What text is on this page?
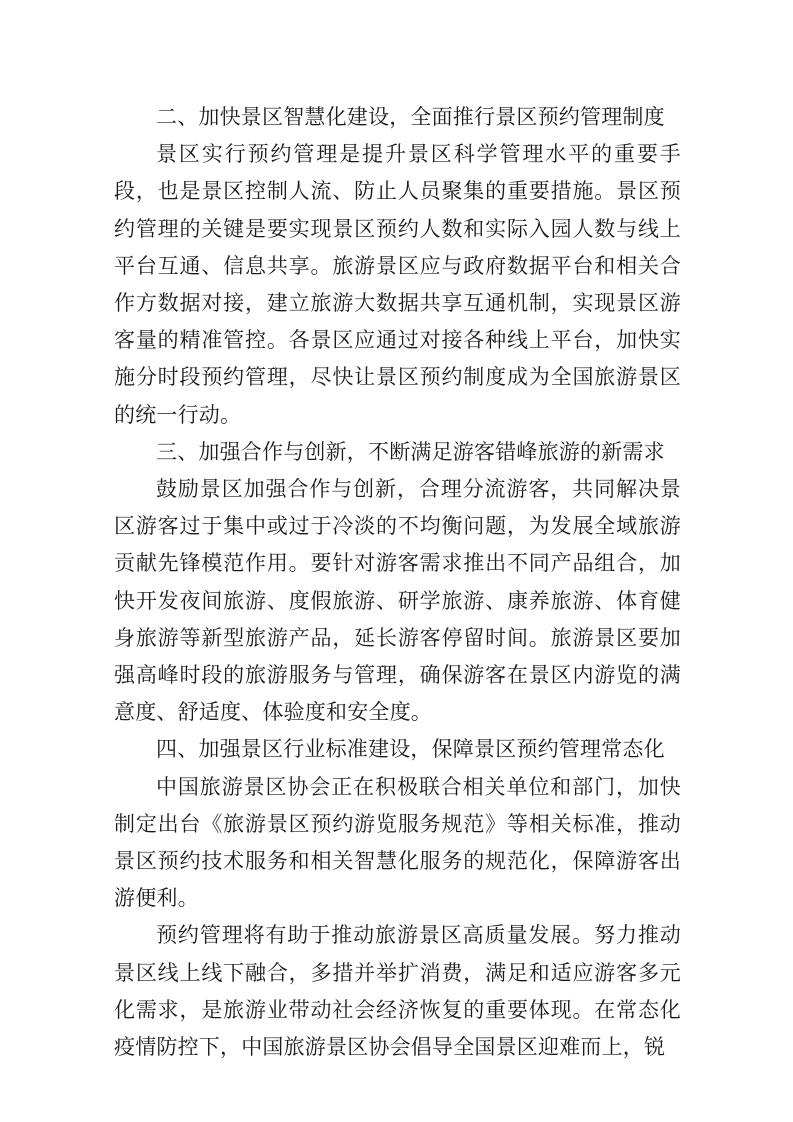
二、加快景区智慧化建设，全面推行景区预约管理制度

景区实行预约管理是提升景区科学管理水平的重要手段，也是景区控制人流、防止人员聚集的重要措施。景区预约管理的关键是要实现景区预约人数和实际入园人数与线上平台互通、信息共享。旅游景区应与政府数据平台和相关合作方数据对接，建立旅游大数据共享互通机制，实现景区游客量的精准管控。各景区应通过对接各种线上平台，加快实施分时段预约管理，尽快让景区预约制度成为全国旅游景区的统一行动。

三、加强合作与创新，不断满足游客错峰旅游的新需求

鼓励景区加强合作与创新，合理分流游客，共同解决景区游客过于集中或过于冷淡的不均衡问题，为发展全域旅游贡献先锋模范作用。要针对游客需求推出不同产品组合，加快开发夜间旅游、度假旅游、研学旅游、康养旅游、体育健身旅游等新型旅游产品，延长游客停留时间。旅游景区要加强高峰时段的旅游服务与管理，确保游客在景区内游览的满意度、舒适度、体验度和安全度。

四、加强景区行业标准建设，保障景区预约管理常态化

中国旅游景区协会正在积极联合相关单位和部门，加快制定出台《旅游景区预约游览服务规范》等相关标准，推动景区预约技术服务和相关智慧化服务的规范化，保障游客出游便利。

预约管理将有助于推动旅游景区高质量发展。努力推动景区线上线下融合，多措并举扩消费，满足和适应游客多元化需求，是旅游业带动社会经济恢复的重要体现。在常态化疫情防控下，中国旅游景区协会倡导全国景区迎难而上，锐
